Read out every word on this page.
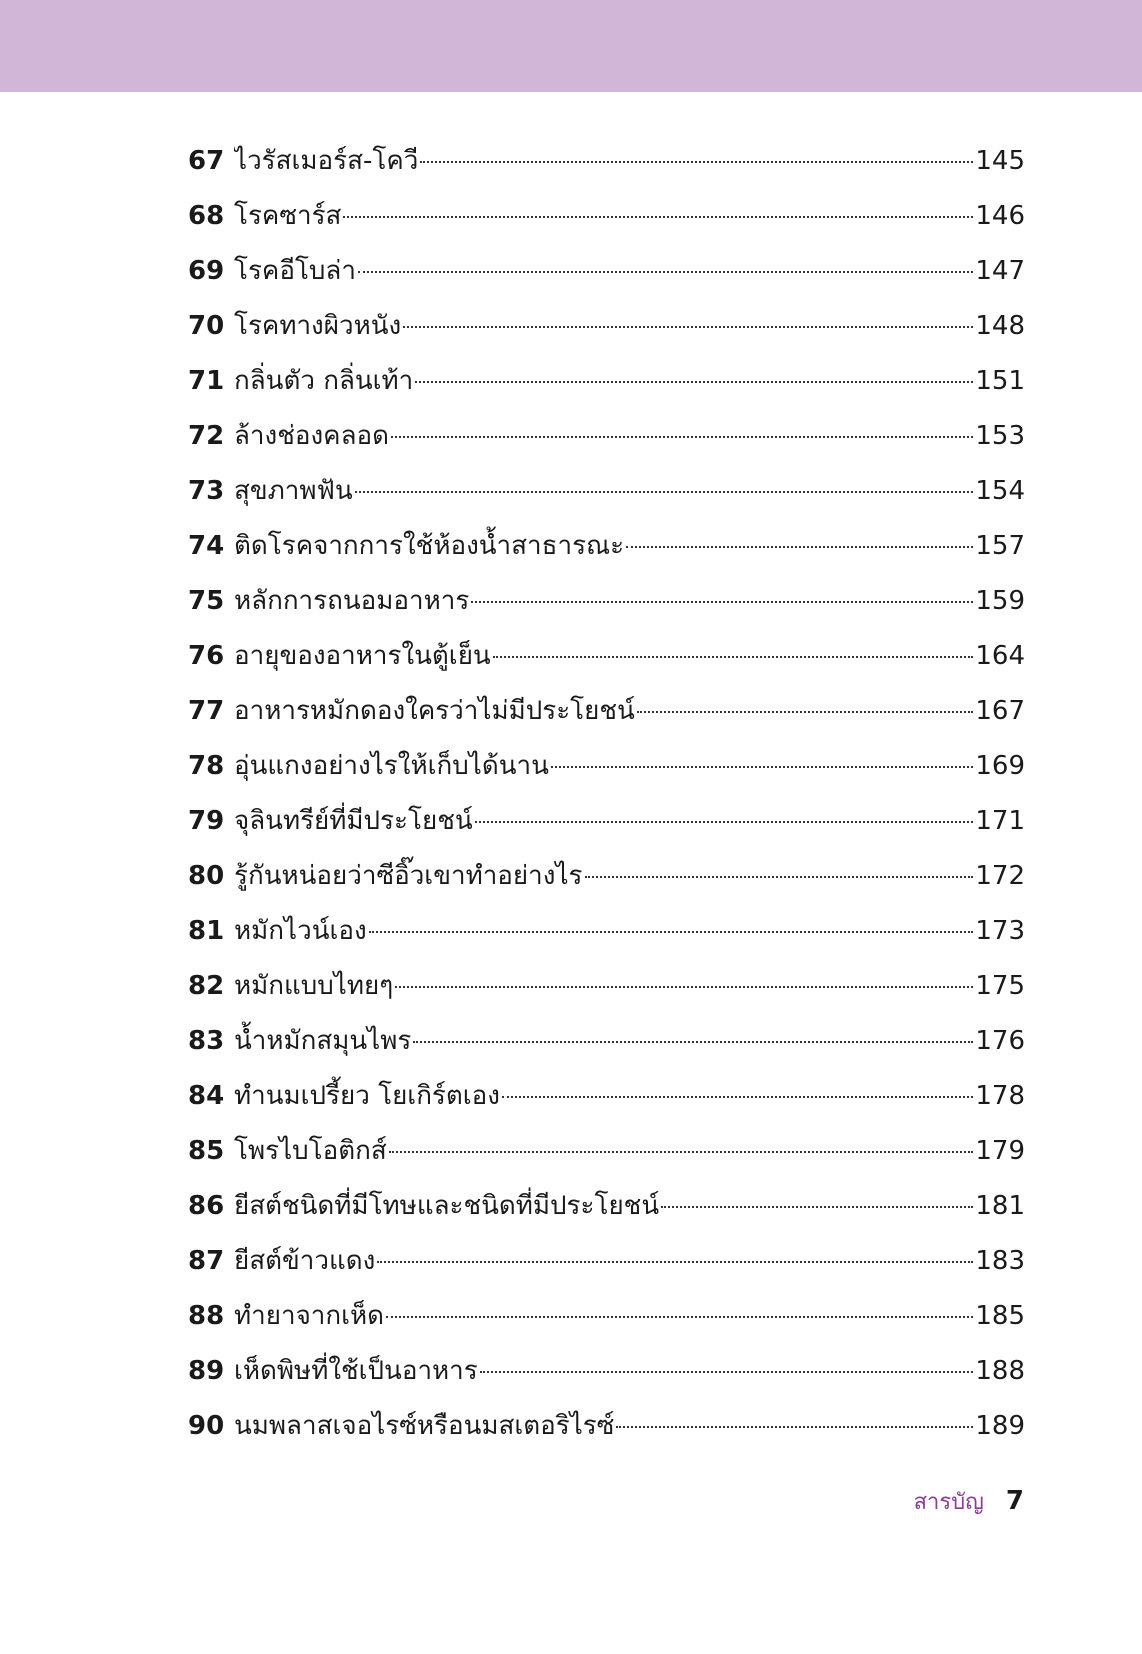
67 ไวรัสเมอร์ส-โควี	145
68 โรคซาร์ส	146
69 โรคอีโบล่า	147
70 โรคทางผิวหนัง	148
71 กลิ่นตัว กลิ่นเท้า	151
72 ล้างช่องคลอด	153
73 สุขภาพฟัน	154
74 ติดโรคจากการใช้ห้องน้ำสาธารณะ	157
75 หลักการถนอมอาหาร	159
76 อายุของอาหารในตู้เย็น	164
77 อาหารหมักดองใครว่าไม่มีประโยชน์	167
78 อุ่นแกงอย่างไรให้เก็บได้นาน	169
79 จุลินทรีย์ที่มีประโยชน์	171
80 รู้กันหน่อยว่าซีอิ๊วเขาทำอย่างไร	172
81 หมักไวน์เอง	173
82 หมักแบบไทยๆ	175
83 น้ำหมักสมุนไพร	176
84 ทำนมเปรี้ยว โยเกิร์ตเอง	178
85 โพรไบโอติกส์	179
86 ยีสต์ชนิดที่มีโทษและชนิดที่มีประโยชน์	181
87 ยีสต์ข้าวแดง	183
88 ทำยาจากเห็ด	185
89 เห็ดพิษที่ใช้เป็นอาหาร	188
90 นมพลาสเจอไรซ์หรือนมสเตอริไรซ์	189
สารบัญ 7
